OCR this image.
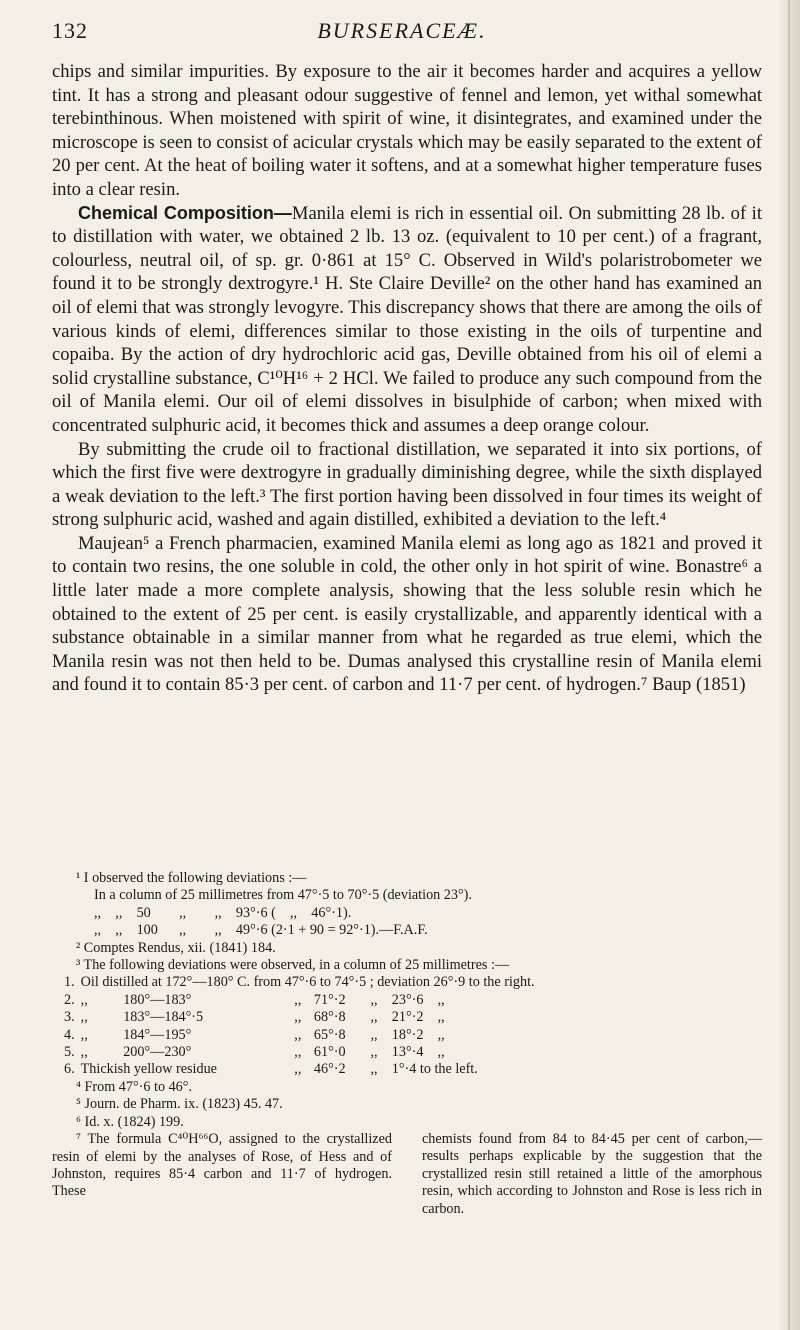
132	BURSERACEÆ.

chips and similar impurities. By exposure to the air it becomes harder and acquires a yellow tint. It has a strong and pleasant odour suggestive of fennel and lemon, yet withal somewhat terebinthinous. When moistened with spirit of wine, it disintegrates, and examined under the microscope is seen to consist of acicular crystals which may be easily separated to the extent of 20 per cent. At the heat of boiling water it softens, and at a somewhat higher temperature fuses into a clear resin.

Chemical Composition—Manila elemi is rich in essential oil. On submitting 28 lb. of it to distillation with water, we obtained 2 lb. 13 oz. (equivalent to 10 per cent.) of a fragrant, colourless, neutral oil, of sp. gr. 0·861 at 15° C. Observed in Wild's polaristrobometer we found it to be strongly dextrogyre.¹ H. Ste Claire Deville² on the other hand has examined an oil of elemi that was strongly levogyre. This discrepancy shows that there are among the oils of various kinds of elemi, differences similar to those existing in the oils of turpentine and copaiba. By the action of dry hydrochloric acid gas, Deville obtained from his oil of elemi a solid crystalline substance, C¹⁰H¹⁶ + 2 HCl. We failed to produce any such compound from the oil of Manila elemi. Our oil of elemi dissolves in bisulphide of carbon; when mixed with concentrated sulphuric acid, it becomes thick and assumes a deep orange colour.

By submitting the crude oil to fractional distillation, we separated it into six portions, of which the first five were dextrogyre in gradually diminishing degree, while the sixth displayed a weak deviation to the left.³ The first portion having been dissolved in four times its weight of strong sulphuric acid, washed and again distilled, exhibited a deviation to the left.⁴

Maujean⁵ a French pharmacien, examined Manila elemi as long ago as 1821 and proved it to contain two resins, the one soluble in cold, the other only in hot spirit of wine. Bonastre⁶ a little later made a more complete analysis, showing that the less soluble resin which he obtained to the extent of 25 per cent. is easily crystallizable, and apparently identical with a substance obtainable in a similar manner from what he regarded as true elemi, which the Manila resin was not then held to be. Dumas analysed this crystalline resin of Manila elemi and found it to contain 85·3 per cent. of carbon and 11·7 per cent. of hydrogen.⁷ Baup (1851)

¹ I observed the following deviations :—
In a column of 25 millimetres from 47°·5 to 70°·5 (deviation 23°).
,,    ,,    50        ,,        ,,    93°·6 (    ,,    46°·1).
,,    ,,    100      ,,        ,,    49°·6 (2·1 + 90 = 92°·1).—F.A.F.
² Comptes Rendus, xii. (1841) 184.
³ The following deviations were observed, in a column of 25 millimetres :—
1.	Oil distilled at 172°—180° C. from 47°·6 to 74°·5 ; deviation 26°·9 to the right.			
2.	,,          180°—183°	,,	71°·2	,,    23°·6    ,,
3.	,,          183°—184°·5	,,	68°·8	,,    21°·2    ,,
4.	,,          184°—195°	,,	65°·8	,,    18°·2    ,,
5.	,,          200°—230°	,,	61°·0	,,    13°·4    ,,
6.	Thickish yellow residue	,,	46°·2	,,    1°·4 to the left.
⁴ From 47°·6 to 46°.

⁵ Journ. de Pharm. ix. (1823) 45. 47.

⁶ Id. x. (1824) 199.

⁷ The formula C⁴⁰H⁶⁶O, assigned to the crystallized resin of elemi by the analyses of Rose, of Hess and of Johnston, requires 85·4 carbon and 11·7 of hydrogen. These

chemists found from 84 to 84·45 per cent of carbon,—results perhaps explicable by the suggestion that the crystallized resin still retained a little of the amorphous resin, which according to Johnston and Rose is less rich in carbon.
